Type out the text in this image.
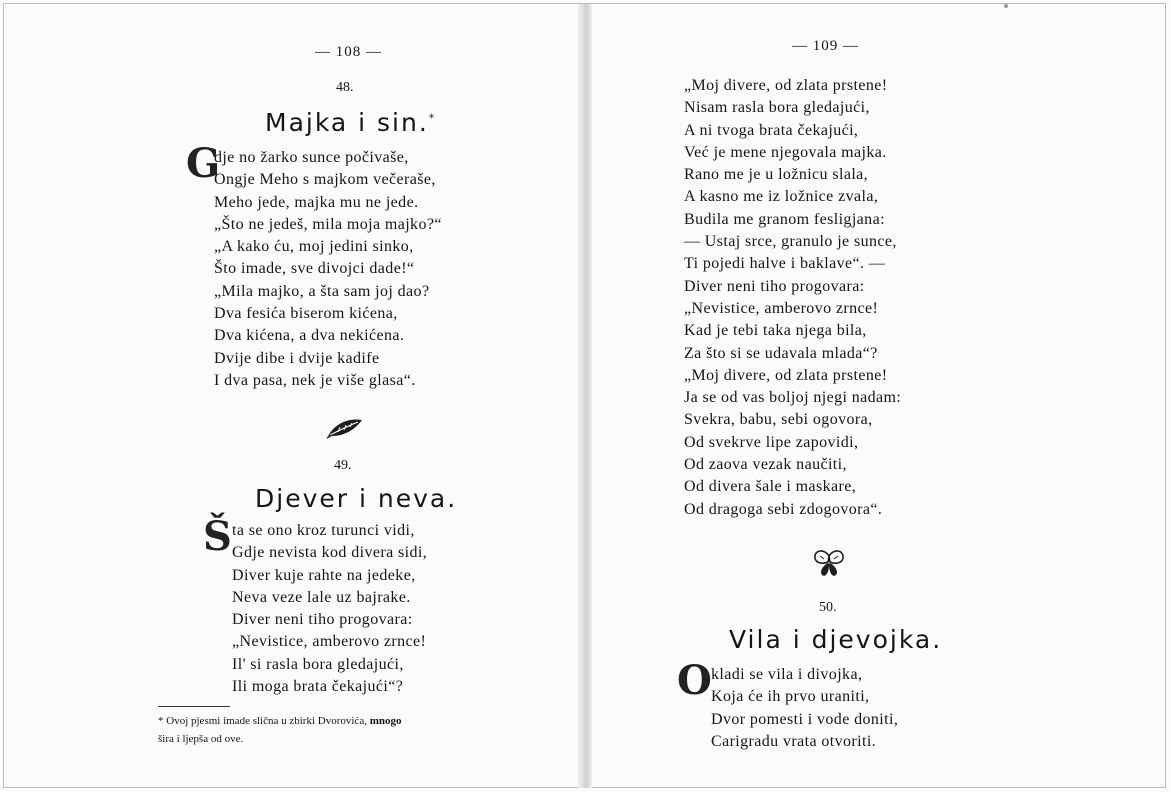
— 108 —
48.
Majka i sin.*
G
dje no žarko sunce počivaše,
Ongje Meho s majkom večeraše,
Meho jede, majka mu ne jede.
„Što ne jedeš, mila moja majko?“
„A kako ću, moj jedini sinko,
Što imade, sve divojci dade!“
„Mila majko, a šta sam joj dao?
Dva fesića biserom kićena,
Dva kićena, a dva nekićena.
Dvije dibe i dvije kadife
I dva pasa, nek je više glasa“.
49.
Djever i neva.
Š ta se ono kroz turunci vidi,
Gdje nevista kod divera sidi,
Diver kuje rahte na jedeke,
Neva veze lale uz bajrake.
Diver neni tiho progovara:
„Nevistice, amberovo zrnce!
Il' si rasla bora gledajući,
Ili moga brata čekajući“?
* Ovoj pjesmi imade slična u zbirki Dvorovića, mnogo
šira i ljepša od ove.
— 109 —
„Moj divere, od zlata prstene!
Nisam rasla bora gledajući,
A ni tvoga brata čekajući,
Već je mene njegovala majka.
Rano me je u ložnicu slala,
A kasno me iz ložnice zvala,
Budila me granom fesligjana:
— Ustaj srce, granulo je sunce,
Ti pojedi halve i baklave“. —
Diver neni tiho progovara:
„Nevistice, amberovo zrnce!
Kad je tebi taka njega bila,
Za što si se udavala mlada“?
„Moj divere, od zlata prstene!
Ja se od vas boljoj njegi nadam:
Svekra, babu, sebi ogovora,
Od svekrve lipe zapovidi,
Od zaova vezak naučiti,
Od divera šale i maskare,
Od dragoga sebi zdogovora“.
50.
Vila i djevojka.
O kladi se vila i divojka,
Koja će ih prvo uraniti,
Dvor pomesti i vode doniti,
Carigradu vrata otvoriti.
